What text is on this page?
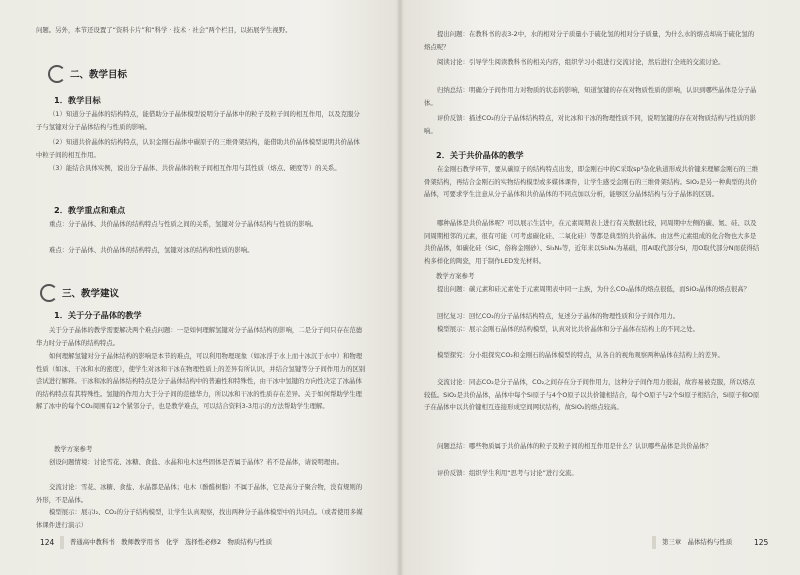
问题。另外，本节还设置了“资料卡片”和“科学 · 技术 · 社会”两个栏目，以拓展学生视野。

二、教学目标
1．教学目标

（1）知道分子晶体的结构特点，能借助分子晶体模型说明分子晶体中的粒子及粒子间的相互作用，以及克服分子与氢键对分子晶体结构与性质的影响。

（2）知道共价晶体的结构特点，认识金刚石晶体中碳原子的三维骨架结构，能借助共价晶体模型说明共价晶体中粒子间的相互作用。

（3）能结合具体实例，说出分子晶体、共价晶体的粒子间相互作用与其性质（熔点、硬度等）的关系。

2．教学重点和难点

重点：分子晶体、共价晶体的结构特点与性质之间的关系，氢键对分子晶体结构与性质的影响。

难点：分子晶体、共价晶体的结构特点，氢键对冰的结构和性质的影响。

三、教学建议
1．关于分子晶体的教学

关于分子晶体的教学需要解决两个难点问题：一是如何理解氢键对分子晶体结构的影响，二是分子间只存在范德华力时分子晶体的结构特点。

如何理解氢键对分子晶体结构的影响是本节的难点，可以利用物理现象（如冰浮于水上而十冰沉于水中）和物理性质（如冰、干冰和水的密度），使学生对冰和干冰在物理性质上的差异有所认识，并结合氢键等分子间作用力的区别尝试进行解释。干冰和冰的晶体结构特点是分子晶体结构中的普遍性和特殊性，由干冰中氢键的方向性决定了冰晶体的结构特点有其特殊性。氢键的作用力大于分子间的范德华力，所以冰和干冰的性质存在差异。关于如何帮助学生理解了冰中的每个CO₂周围有12个紧邻分子，也是教学难点，可以结合资料3-3用示的方法帮助学生理解。

教学方案参考

创设问题情境：讨论雪花、冰糖、食盐、水晶和电木这些固体是否属于晶体？若不是晶体，请说明理由。

交流讨论：雪花、冰糖、食盐、水晶都是晶体；电木（酚醛树脂）不属于晶体，它是高分子聚合物，没有规则的外形，不是晶体。

模型展示：展示I₂、CO₂的分子结构模型，让学生认真观察，找出两种分子晶体模型中的共同点。（或者使用多媒体课件进行演示）

124 普通高中教科书　教师教学用书　化学　选择性必修2　物质结构与性质

提出问题：在教科书的表3-2中，水的相对分子质量小于硫化氢的相对分子质量，为什么水的熔点却高于硫化氢的熔点呢？

阅读讨论：引导学生阅读教科书的相关内容，组织学习小组进行交流讨论，然后进行全班的交流讨论。

归纳总结：明确分子间作用力对物质的状态的影响，知道氢键的存在对物质性质的影响，认识到哪些晶体是分子晶体。

评价反馈：描述CO₂的分子晶体结构特点，对比冰和干冰的物理性质不同，说明氢键的存在对物质结构与性质的影响。

2．关于共价晶体的教学

在金刚石教学环节，要从碳原子的结构特点出发，即金刚石中的C采取sp³杂化轨道形成共价键来理解金刚石的三维骨架结构，再结合金刚石的实物结构模型或多媒体课件，让学生感受金刚石的三维骨架结构。SiO₂是另一种典型的共价晶体，可要求学生注意从分子晶体和共价晶体的不同点加以分析，能够区分晶体结构与分子晶体的区别。

哪种晶体是共价晶体呢？可以展示生活中，在元素周期表上进行有关数据比较，同周期中左侧的碳、氮、硅、以及同周期相邻的元素，很有可能（可考虑碳化硅、二氧化硅）等都是典型的共价晶体。由这些元素组成的化合物也大多是共价晶体，如碳化硅（SiC，俗称金刚砂）、Si₃N₄等，近年来以Si₃N₄为基础，用Al取代部分Si，用O取代部分N而获得结构多样化的陶瓷，用于制作LED发光材料。

教学方案参考

提出问题：碳元素和硅元素处于元素周期表中同一主族，为什么CO₂晶体的熔点很低，而SiO₂晶体的熔点很高？

回忆复习：回忆CO₂的分子晶体结构特点，复述分子晶体的物理性质和分子间作用力。

模型展示：展示金刚石晶体的结构模型，认真对比共价晶体和分子晶体在结构上的不同之处。

模型探究：分小组探究CO₂和金刚石的晶体模型的特点，从各自的视角观察两种晶体在结构上的差异。

交流讨论：同态CO₂是分子晶体，CO₂之间存在分子间作用力，这种分子间作用力很弱，故容易被克服，所以熔点较低。SiO₂是共价晶体，晶体中每个Si原子与4个O原子以共价键相结合，每个O原子与2个Si原子相结合，Si原子和O原子在晶体中以共价键相互连接形成空间网状结构，故SiO₂的熔点较高。

问题总结：哪些物质属于共价晶体的粒子及粒子间的相互作用是什么？认识哪些晶体是共价晶体？

评价反馈：组织学生利用“思考与讨论”进行交流。

第三章　晶体结构与性质	125
